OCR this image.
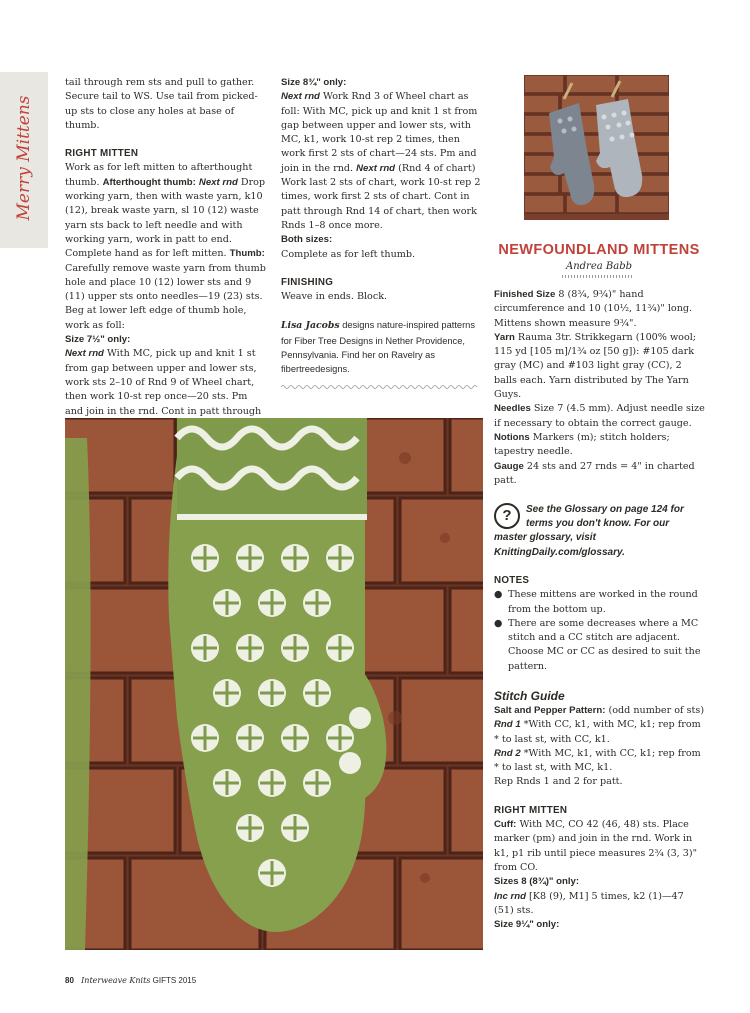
Merry Mittens

tail through rem sts and pull to gather. Secure tail to WS. Use tail from picked-up sts to close any holes at base of thumb.

RIGHT MITTEN

Work as for left mitten to afterthought thumb. Afterthought thumb: Next rnd Drop working yarn, then with waste yarn, k10 (12), break waste yarn, sl 10 (12) waste yarn sts back to left needle and with working yarn, work in patt to end. Complete hand as for left mitten. Thumb: Carefully remove waste yarn from thumb hole and place 10 (12) lower sts and 9 (11) upper sts onto needles—19 (23) sts. Beg at lower left edge of thumb hole, work as foll:

Size 7½" only:

Next rnd With MC, pick up and knit 1 st from gap between upper and lower sts, work sts 2–10 of Rnd 9 of Wheel chart, then work 10-st rep once—20 sts. Pm and join in the rnd. Cont in patt through

Size 8¾" only:

Next rnd Work Rnd 3 of Wheel chart as foll: With MC, pick up and knit 1 st from gap between upper and lower sts, with MC, k1, work 10-st rep 2 times, then work first 2 sts of chart—24 sts. Pm and join in the rnd. Next rnd (Rnd 4 of chart) Work last 2 sts of chart, work 10-st rep 2 times, work first 2 sts of chart. Cont in patt through Rnd 14 of chart, then work Rnds 1–8 once more.

Both sizes:

Complete as for left thumb.

FINISHING

Weave in ends. Block.

Lisa Jacobs designs nature-inspired patterns for Fiber Tree Designs in Nether Providence, Pennsylvania. Find her on Ravelry as fibertreedesigns.

NEWFOUNDLAND MITTENS
Andrea Babb

Finished Size 8 (8¾, 9¾)" hand circumference and 10 (10½, 11¾)" long. Mittens shown measure 9¾".

Yarn Rauma 3tr. Strikkegarn (100% wool; 115 yd [105 m]/1¾ oz [50 g]): #105 dark gray (MC) and #103 light gray (CC), 2 balls each. Yarn distributed by The Yarn Guys.

Needles Size 7 (4.5 mm). Adjust needle size if necessary to obtain the correct gauge.

Notions Markers (m); stitch holders; tapestry needle.

Gauge 24 sts and 27 rnds = 4" in charted patt.

?	See the Glossary on page 124 for terms you don't know. For our master glossary, visit KnittingDaily.com/glossary.

NOTES

● These mittens are worked in the round from the bottom up.
● There are some decreases where a MC stitch and a CC stitch are adjacent. Choose MC or CC as desired to suit the pattern.

Stitch Guide

Salt and Pepper Pattern: (odd number of sts)

Rnd 1 *With CC, k1, with MC, k1; rep from * to last st, with CC, k1.

Rnd 2 *With MC, k1, with CC, k1; rep from * to last st, with MC, k1.

Rep Rnds 1 and 2 for patt.

RIGHT MITTEN

Cuff: With MC, CO 42 (46, 48) sts. Place marker (pm) and join in the rnd. Work in k1, p1 rib until piece measures 2¾ (3, 3)" from CO.

Sizes 8 (8¾)" only:

Inc rnd [K8 (9), M1] 5 times, k2 (1)—47 (51) sts.

Size 9¼" only:

80 Interweave Knits GIFTS 2015
